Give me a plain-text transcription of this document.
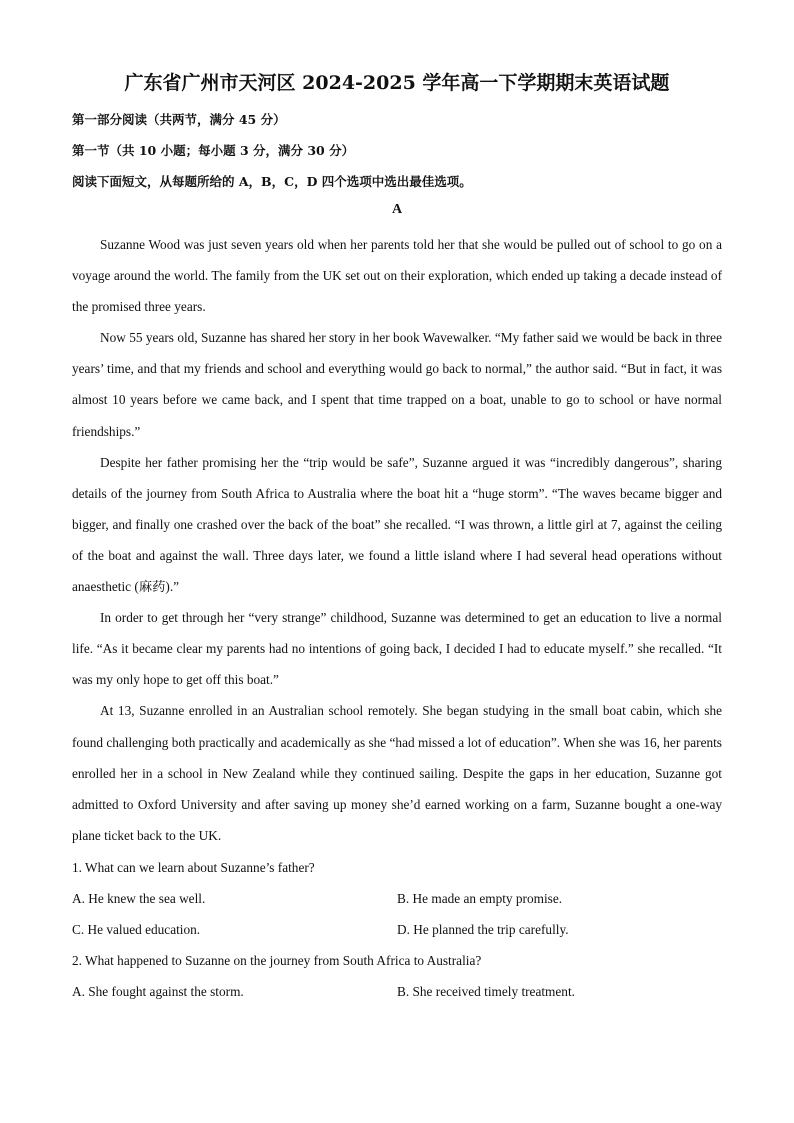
广东省广州市天河区 2024-2025 学年高一下学期期末英语试题
第一部分阅读（共两节，满分 45 分）
第一节（共 10 小题；每小题 3 分，满分 30 分）
阅读下面短文，从每题所给的 A，B，C，D 四个选项中选出最佳选项。
A

Suzanne Wood was just seven years old when her parents told her that she would be pulled out of school to go on a voyage around the world. The family from the UK set out on their exploration, which ended up taking a decade instead of the promised three years.

Now 55 years old, Suzanne has shared her story in her book Wavewalker. “My father said we would be back in three years’ time, and that my friends and school and everything would go back to normal,” the author said. “But in fact, it was almost 10 years before we came back, and I spent that time trapped on a boat, unable to go to school or have normal friendships.”

Despite her father promising her the “trip would be safe”, Suzanne argued it was “incredibly dangerous”, sharing details of the journey from South Africa to Australia where the boat hit a “huge storm”. “The waves became bigger and bigger, and finally one crashed over the back of the boat” she recalled. “I was thrown, a little girl at 7, against the ceiling of the boat and against the wall. Three days later, we found a little island where I had several head operations without anaesthetic (麻药).”

In order to get through her “very strange” childhood, Suzanne was determined to get an education to live a normal life. “As it became clear my parents had no intentions of going back, I decided I had to educate myself.” she recalled. “It was my only hope to get off this boat.”

At 13, Suzanne enrolled in an Australian school remotely. She began studying in the small boat cabin, which she found challenging both practically and academically as she “had missed a lot of education”. When she was 16, her parents enrolled her in a school in New Zealand while they continued sailing. Despite the gaps in her education, Suzanne got admitted to Oxford University and after saving up money she’d earned working on a farm, Suzanne bought a one-way plane ticket back to the UK.

1. What can we learn about Suzanne’s father?
A. He knew the sea well.	B. He made an empty promise.
C. He valued education.	D. He planned the trip carefully.
2. What happened to Suzanne on the journey from South Africa to Australia?
A. She fought against the storm.	B. She received timely treatment.
